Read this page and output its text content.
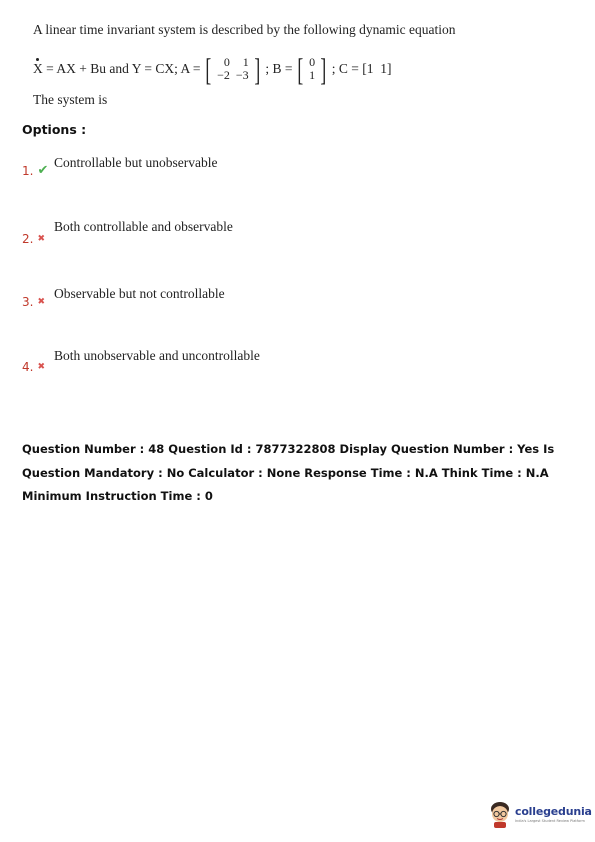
A linear time invariant system is described by the following dynamic equation
X = AX + Bu and Y = CX; A = [ 0	1
−2	−3 ] ; B = [ 0
1 ] ; C = [1  1]
The system is
Options :
1. ✔
Controllable but unobservable
2. ✖
Both controllable and observable
3. ✖
Observable but not controllable
4. ✖
Both unobservable and uncontrollable
Question Number : 48 Question Id : 7877322808 Display Question Number : Yes Is Question Mandatory : No Calculator : None Response Time : N.A Think Time : N.A Minimum Instruction Time : 0
collegedunia
India's Largest Student Review Platform
